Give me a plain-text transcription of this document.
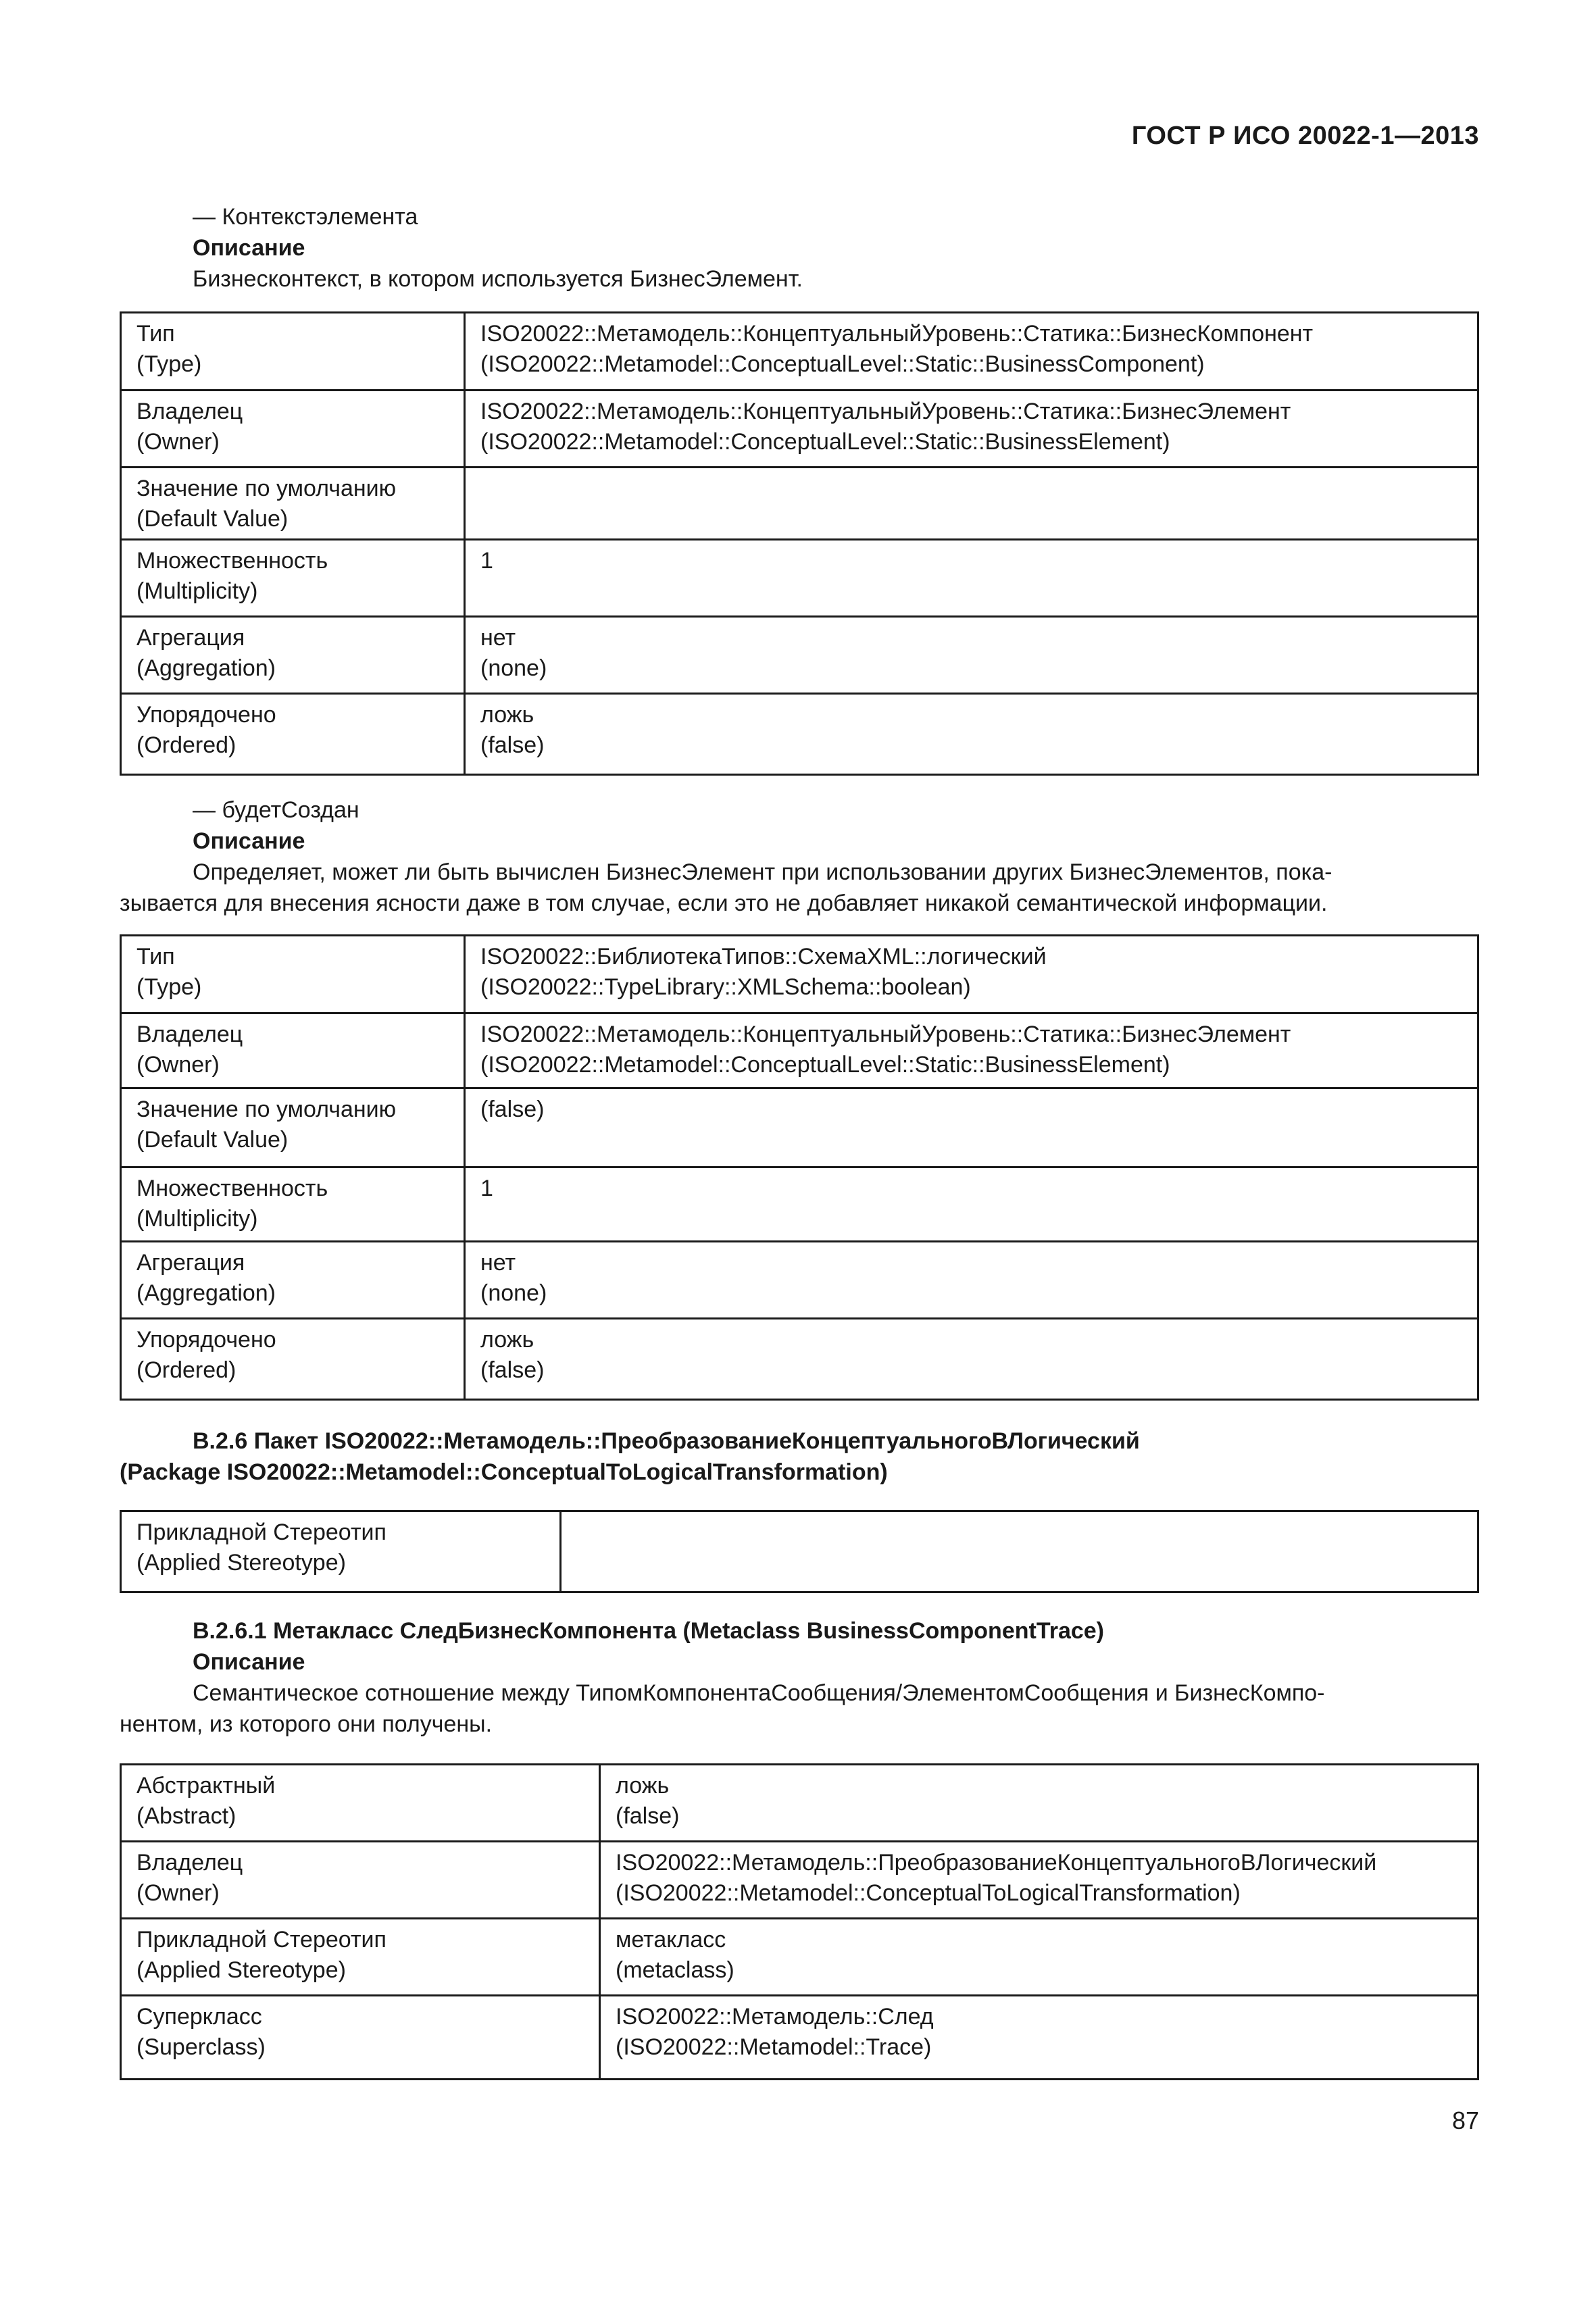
ГОСТ Р ИСО 20022-1—2013
— Контекстэлемента
Описание
Бизнесконтекст, в котором используется БизнесЭлемент.
Тип
(Type)	ISO20022::Метамодель::КонцептуальныйУровень::Статика::БизнесКомпонент
(ISO20022::Metamodel::ConceptualLevel::Static::BusinessComponent)

Владелец
(Owner)	ISO20022::Метамодель::КонцептуальныйУровень::Статика::БизнесЭлемент
(ISO20022::Metamodel::ConceptualLevel::Static::BusinessElement)

Значение по умолчанию
(Default Value)	

Множественность
(Multiplicity)	1

Агрегация
(Aggregation)	нет
(none)

Упорядочено
(Ordered)	ложь
(false)
— будетСоздан
Описание
Определяет, может ли быть вычислен БизнесЭлемент при использовании других БизнесЭлементов, пока-
зывается для внесения ясности даже в том случае, если это не добавляет никакой семантической информации.
Тип
(Type)	ISO20022::БиблиотекаТипов::СхемаXML::логический
(ISO20022::TypeLibrary::XMLSchema::boolean)

Владелец
(Owner)	ISO20022::Метамодель::КонцептуальныйУровень::Статика::БизнесЭлемент
(ISO20022::Metamodel::ConceptualLevel::Static::BusinessElement)

Значение по умолчанию
(Default Value)	(false)

Множественность
(Multiplicity)	1

Агрегация
(Aggregation)	нет
(none)

Упорядочено
(Ordered)	ложь
(false)
В.2.6 Пакет ISO20022::Метамодель::ПреобразованиеКонцептуальногоВЛогический
(Package ISO20022::Metamodel::ConceptualToLogicalTransformation)
Прикладной Стереотип
(Applied Stereotype)

В.2.6.1 Метакласс СледБизнесКомпонента (Metaclass BusinessComponentTrace)
Описание
Семантическое сотношение между ТипомКомпонентаСообщения/ЭлементомСообщения и БизнесКомпо-
нентом, из которого они получены.
Абстрактный
(Abstract)	ложь
(false)

Владелец
(Owner)	ISO20022::Метамодель::ПреобразованиеКонцептуальногоВЛогический
(ISO20022::Metamodel::ConceptualToLogicalTransformation)

Прикладной Стереотип
(Applied Stereotype)	метакласс
(metaclass)

Суперкласс
(Superclass)	ISO20022::Метамодель::След
(ISO20022::Metamodel::Trace)
87
